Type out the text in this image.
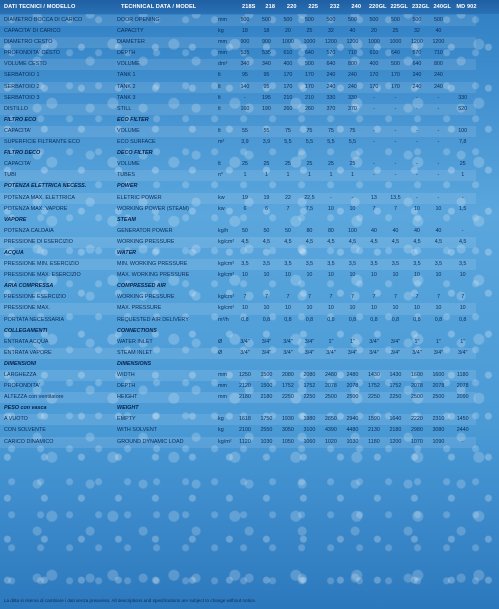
DATI TECNICI / MODELLO	TECHNICAL DATA / MODEL	218S	218	220	225	232	240	220GL 225GL 232GL 240GL MD 902
DIAMETRO BOCCA DI CARICO	DOOR OPENING	mm	500	500	500	500	500	500	500	500	500	500	
CAPACITA' DI CARICO	CAPACITY	kg	18	18	20	25	32	40	20	25	32	40	
DIAMETRO CESTO	DIAMETER	mm	900	900	1000	1000	1200	1200	1000	1000	1200	1200	
PROFONDITA' CESTO	DEPTH	mm	535	535	610	640	570	710	610	640	570	710	
VOLUME CESTO	VOLUME	dm³	340	340	400	500	640	800	400	500	640	800	
SERBATOIO 1	TANK 1	lt	95	95	170	170	240	240	170	170	240	240	
SERBATOIO 2	TANK 2	lt	140	95	170	170	240	240	170	170	240	240	
SERBATOIO 3	TANK 3	lt	-	195	210	210	330	330	-	-	-	-	330
DISTILLO	STILL	lt	160	190	260	260	370	370	-	-	-	-	520
FILTRO ECO	ECO FILTER												
CAPACITA'	VOLUME	lt	55	55	75	75	75	75	-	-	-	-	100
SUPERFICIE FILTRANTE ECO	ECO SURFACE	m²	3,9	3,9	5,5	5,5	5,5	5,5	-	-	-	-	7,8
FILTRO DECO	DECO FILTER												
CAPACITA'	VOLUME	lt	25	25	25	25	25	25	-	-	-	-	25
TUBI	TUBES	n°	1	1	1	1	1	1	-	-	-	-	1
POTENZA ELETTRICA NECESS.	POWER												
POTENZA MAX. ELETTRICA	ELETRIC POWER	kw	19	19	22	22,5	-	-	13	13,5	-	-	-
POTENZA MAX. VAPORE	WORKING POWER (STEAM)	kw	6	6	7	7,5	10	10	7	7	10	10	1,5
VAPORE	STEAM												
POTENZA CALDAIA	GENERATOR POWER	kg/h	50	50	50	80	80	100	40	40	40	40	-
PRESSIONE DI ESERCIZIO	WORKING PRESSURE	kg/cm²	4,5	4,5	4,5	4,5	4,5	4,5	4,5	4,5	4,5	4,5	4,5
ACQUA	WATER												
PRESSIONE MIN. ESERCIZIO	MIN. WORKING PRESSURE	kg/cm²	3,5	3,5	3,5	3,5	3,5	3,5	3,5	3,5	3,5	3,5	3,5
PRESSIONE MAX. ESERCIZIO	MAX. WORKING PRESSURE	kg/cm²	10	10	10	10	10	10	10	10	10	10	10
ARIA COMPRESSA	COMPRESSED AIR												
PRESSIONE ESERCIZIO	WORKING PRESSURE	kg/cm²	7	7	7	7	7	7	7	7	7	7	7
PRESSIONE MAX.	MAX. PRESSURE	kg/cm²	10	10	10	10	10	10	10	10	10	10	10
PORTATA NECESSARIA	REQUESTED AIR DELIVERY	m³/h	0,8	0,8	0,8	0,8	0,8	0,8	0,8	0,8	0,8	0,8	0,8
COLLEGAMENTI	CONNECTIONS												
ENTRATA ACQUA	WATER INLET	Ø	3/4"	3/4"	3/4"	3/4"	1"	1"	3/4"	3/4"	1"	1"	1"
ENTRATA VAPORE	STEAM INLET	Ø	3/4"	3/4"	3/4"	3/4"	3/4"	3/4"	3/4"	3/4"	3/4"	3/4"	3/4"
DIMENSIONI	DIMENSIONS												
LARGHEZZA	WIDTH	mm	1250	1500	2080	2080	2480	2480	1430	1430	1600	1600	1180
PROFONDITA'	DEPTH	mm	2120	1500	1752	1752	2078	2078	1752	1752	2078	2078	2078
ALTEZZA con ventilatore	HEIGHT	mm	2180	2180	2250	2250	2500	2500	2250	2250	2500	2500	2090
PESO con vasca	WEIGHT												
A VUOTO	EMPTY	kg	1618	1750	1930	1980	2850	2940	1590	1640	2220	2310	1450
CON SOLVENTE	WITH SOLVENT	kg	2100	2550	3050	3100	4390	4480	2130	2180	2980	3080	2440
CARICO DINAMICO	GROUND DYNAMIC LOAD	kg/m²	1120	1030	1050	1060	1020	1030	1180	1200	1070	1090	-
La ditta si riserva di cambiare i dati senza preavviso. All descriptions and specifications are subject to change without notice.
